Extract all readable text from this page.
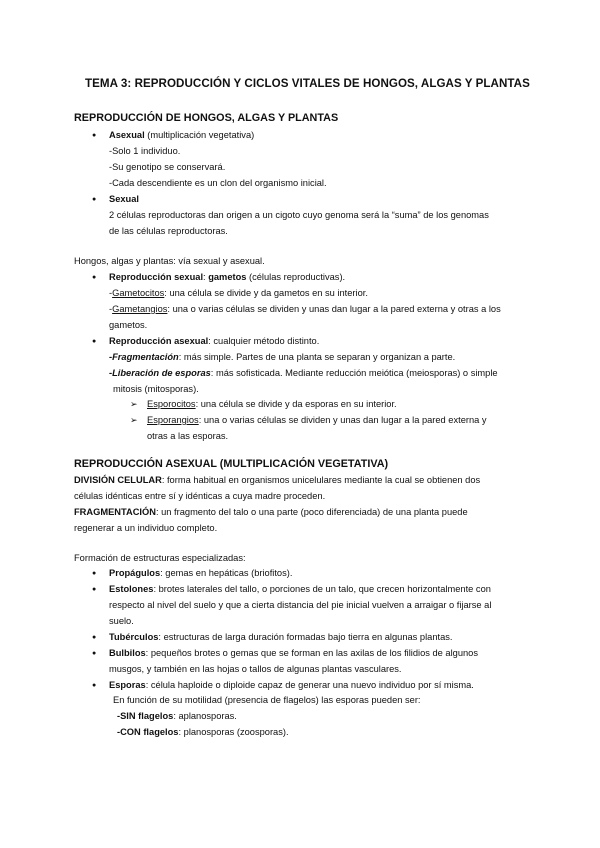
TEMA 3: REPRODUCCIÓN Y CICLOS VITALES DE HONGOS, ALGAS Y PLANTAS
REPRODUCCIÓN DE HONGOS, ALGAS Y PLANTAS
● Asexual (multiplicación vegetativa)
-Solo 1 individuo.
-Su genotipo se conservará.
-Cada descendiente es un clon del organismo inicial.
● Sexual
2 células reproductoras dan origen a un cigoto cuyo genoma será la “suma” de los genomas
de las células reproductoras.
Hongos, algas y plantas: vía sexual y asexual.
● Reproducción sexual: gametos (células reproductivas).
-Gametocitos: una célula se divide y da gametos en su interior.
-Gametangios: una o varias células se dividen y unas dan lugar a la pared externa y otras a los
gametos.
● Reproducción asexual: cualquier método distinto.
-Fragmentación: más simple. Partes de una planta se separan y organizan a parte.
-Liberación de esporas: más sofisticada. Mediante reducción meiótica (meiosporas) o simple
mitosis (mitosporas).
➢ Esporocitos: una célula se divide y da esporas en su interior.
➢ Esporangios: una o varias células se dividen y unas dan lugar a la pared externa y
otras a las esporas.
REPRODUCCIÓN ASEXUAL (MULTIPLICACIÓN VEGETATIVA)
DIVISIÓN CELULAR: forma habitual en organismos unicelulares mediante la cual se obtienen dos
células idénticas entre sí y idénticas a cuya madre proceden.
FRAGMENTACIÓN: un fragmento del talo o una parte (poco diferenciada) de una planta puede
regenerar a un individuo completo.
Formación de estructuras especializadas:
● Propágulos: gemas en hepáticas (briofitos).
● Estolones: brotes laterales del tallo, o porciones de un talo, que crecen horizontalmente con
respecto al nivel del suelo y que a cierta distancia del pie inicial vuelven a arraigar o fijarse al
suelo.
● Tubérculos: estructuras de larga duración formadas bajo tierra en algunas plantas.
● Bulbilos: pequeños brotes o gemas que se forman en las axilas de los filidios de algunos
musgos, y también en las hojas o tallos de algunas plantas vasculares.
● Esporas: célula haploide o diploide capaz de generar una nuevo individuo por sí misma.
En función de su motilidad (presencia de flagelos) las esporas pueden ser:
-SIN flagelos: aplanosporas.
-CON flagelos: planosporas (zoosporas).
